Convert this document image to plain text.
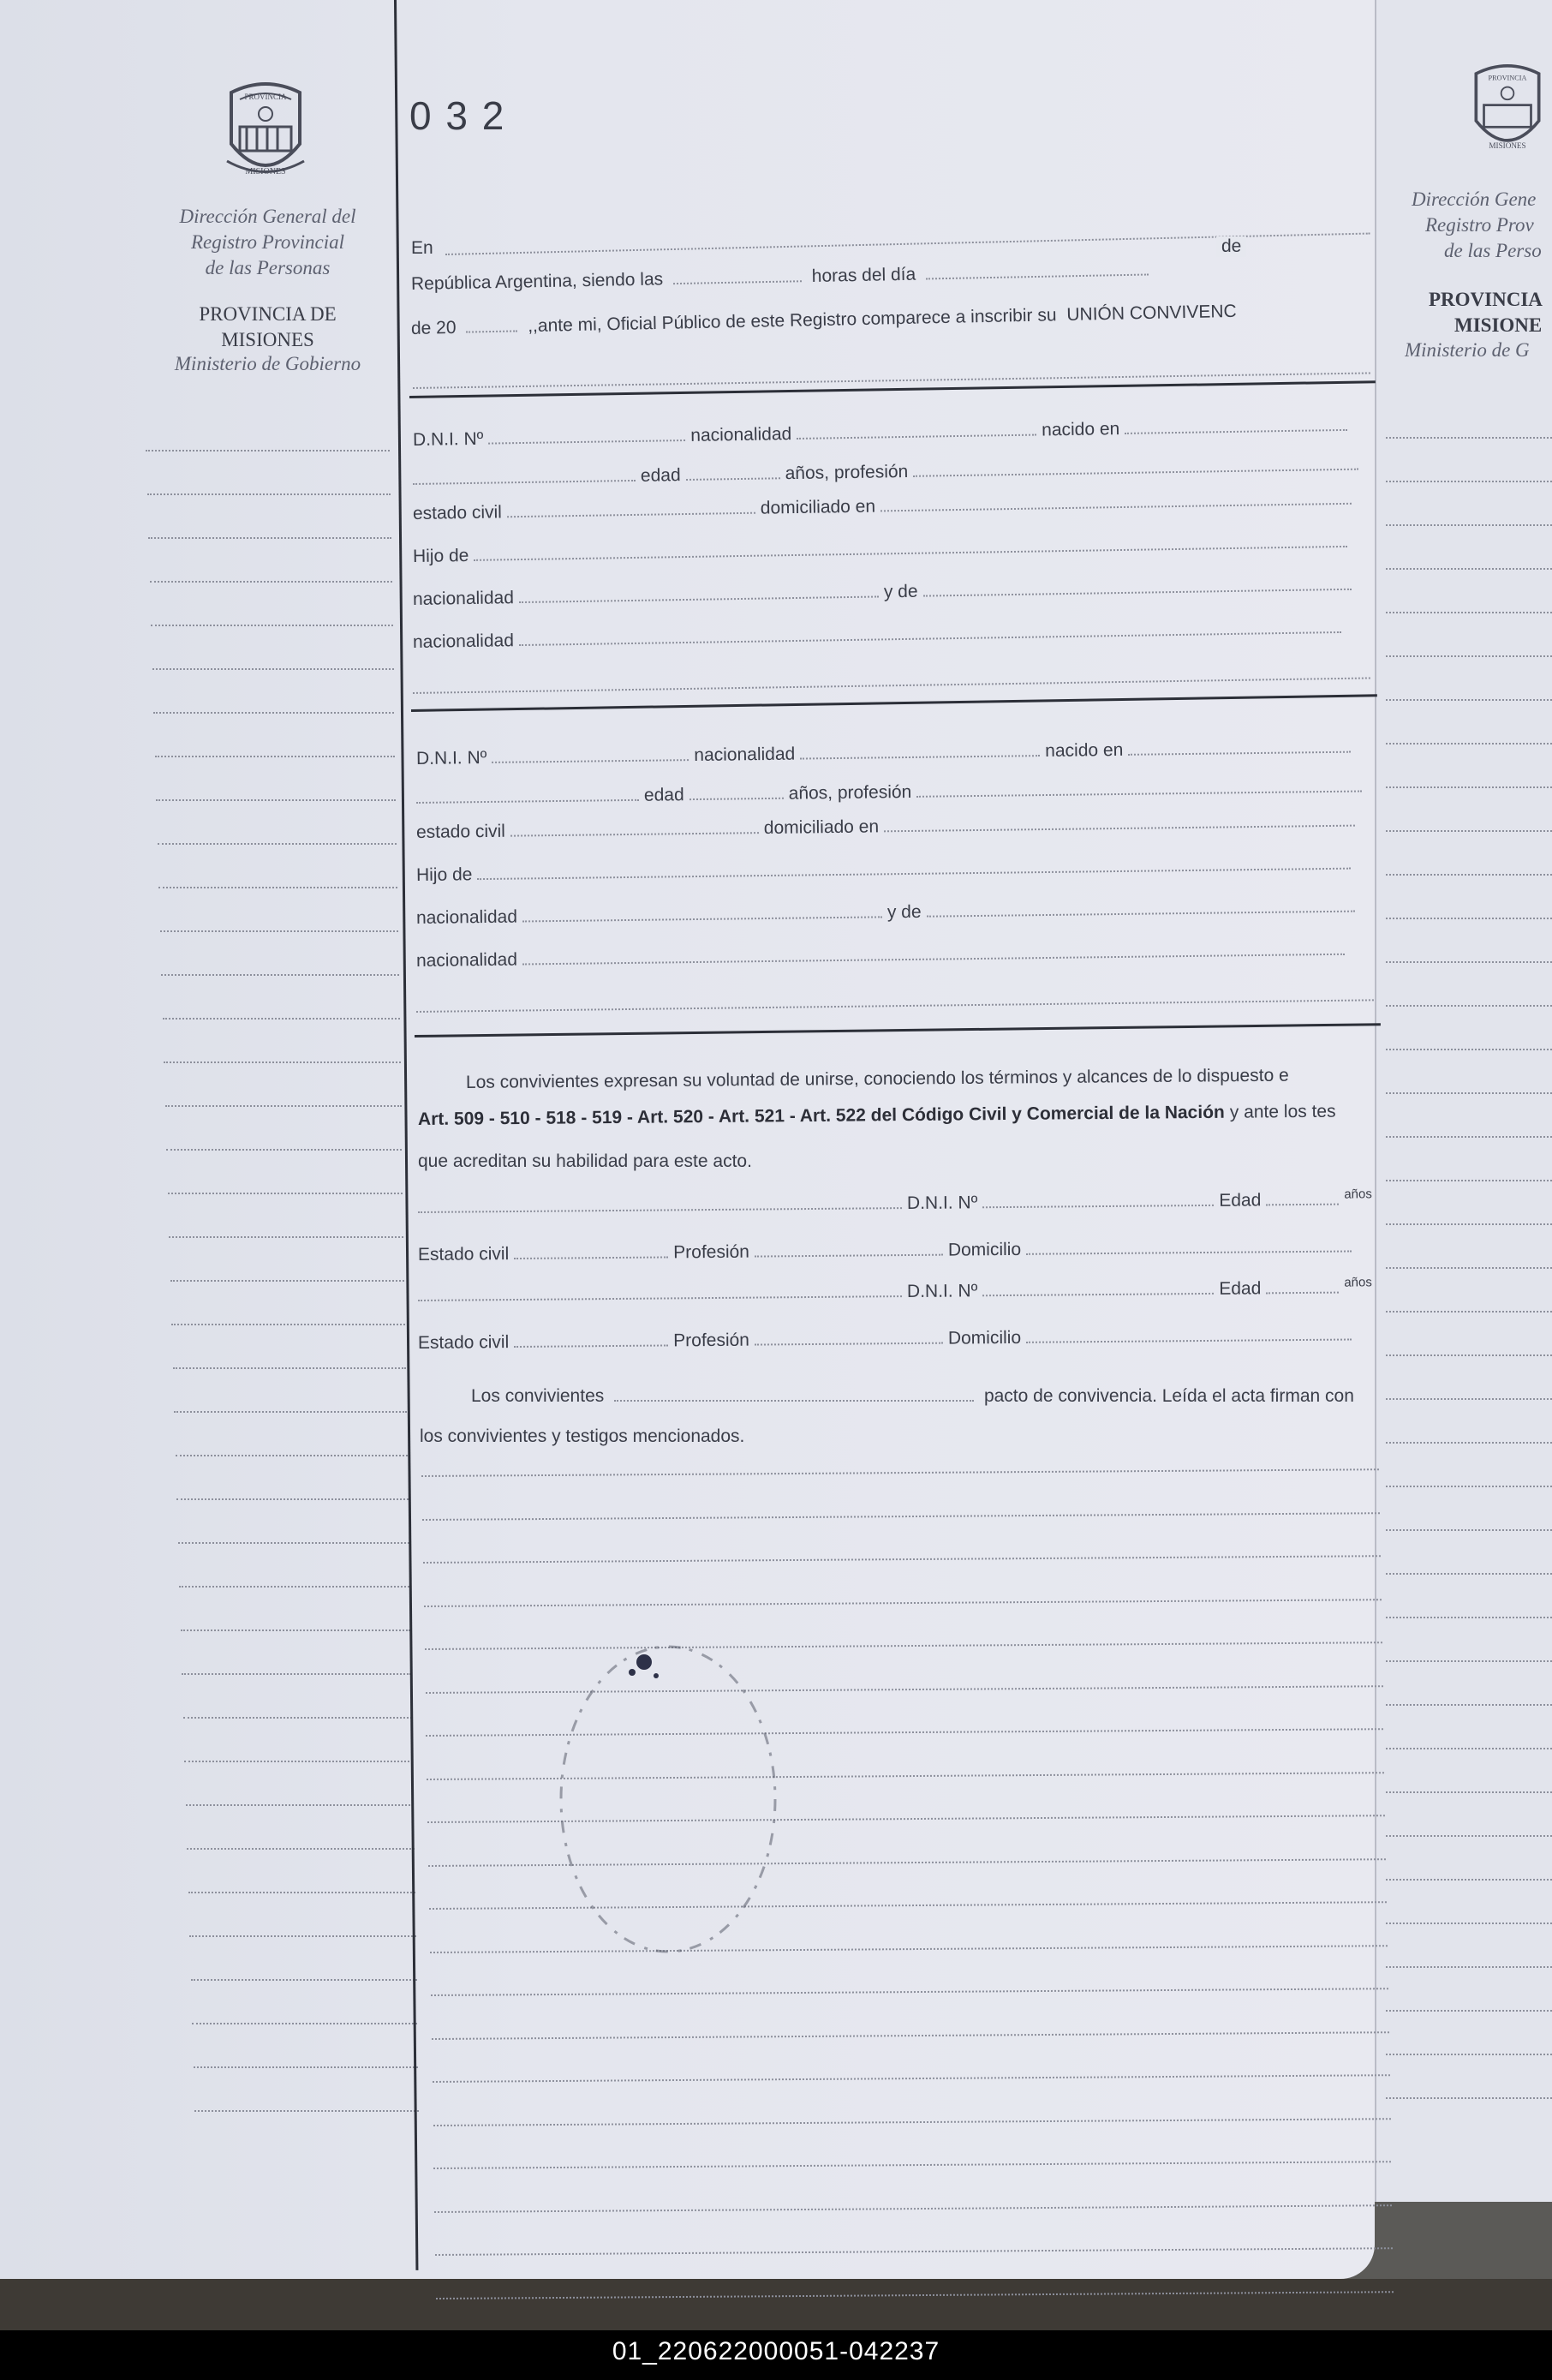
PROVINCIA
MISIONES
Dirección General del
Registro Provincial
de las Personas
PROVINCIA DE
MISIONES
Ministerio de Gobierno
PROVINCIA
MISIONES
Dirección Gene
Registro Prov
de las Perso
PROVINCIA
MISIONE
Ministerio de G
0 3 2
En	de
República Argentina, siendo las	horas del día
de 20	,,ante mi, Oficial Público de este Registro comparece a inscribir su UNIÓN CONVIVENC
D.N.I. Nº	nacionalidad	nacido en
edad	años, profesión
estado civil	domiciliado en
Hijo de
nacionalidad	y de
nacionalidad
D.N.I. Nº	nacionalidad	nacido en
edad	años, profesión
estado civil	domiciliado en
Hijo de
nacionalidad	y de
nacionalidad
Los convivientes expresan su voluntad de unirse, conociendo los términos y alcances de lo dispuesto e
Art. 509 - 510 - 518 - 519 - Art. 520 - Art. 521 - Art. 522 del Código Civil y Comercial de la Nación y ante los tes
que acreditan su habilidad para este acto.
D.N.I. Nº	Edad	$^{años}$
Estado civil	Profesión	Domicilio
D.N.I. Nº	Edad	$^{años}$
Estado civil	Profesión	Domicilio
Los convivientes	pacto de convivencia. Leída el acta firman con
los convivientes y testigos mencionados.
01_220622000051-042237
